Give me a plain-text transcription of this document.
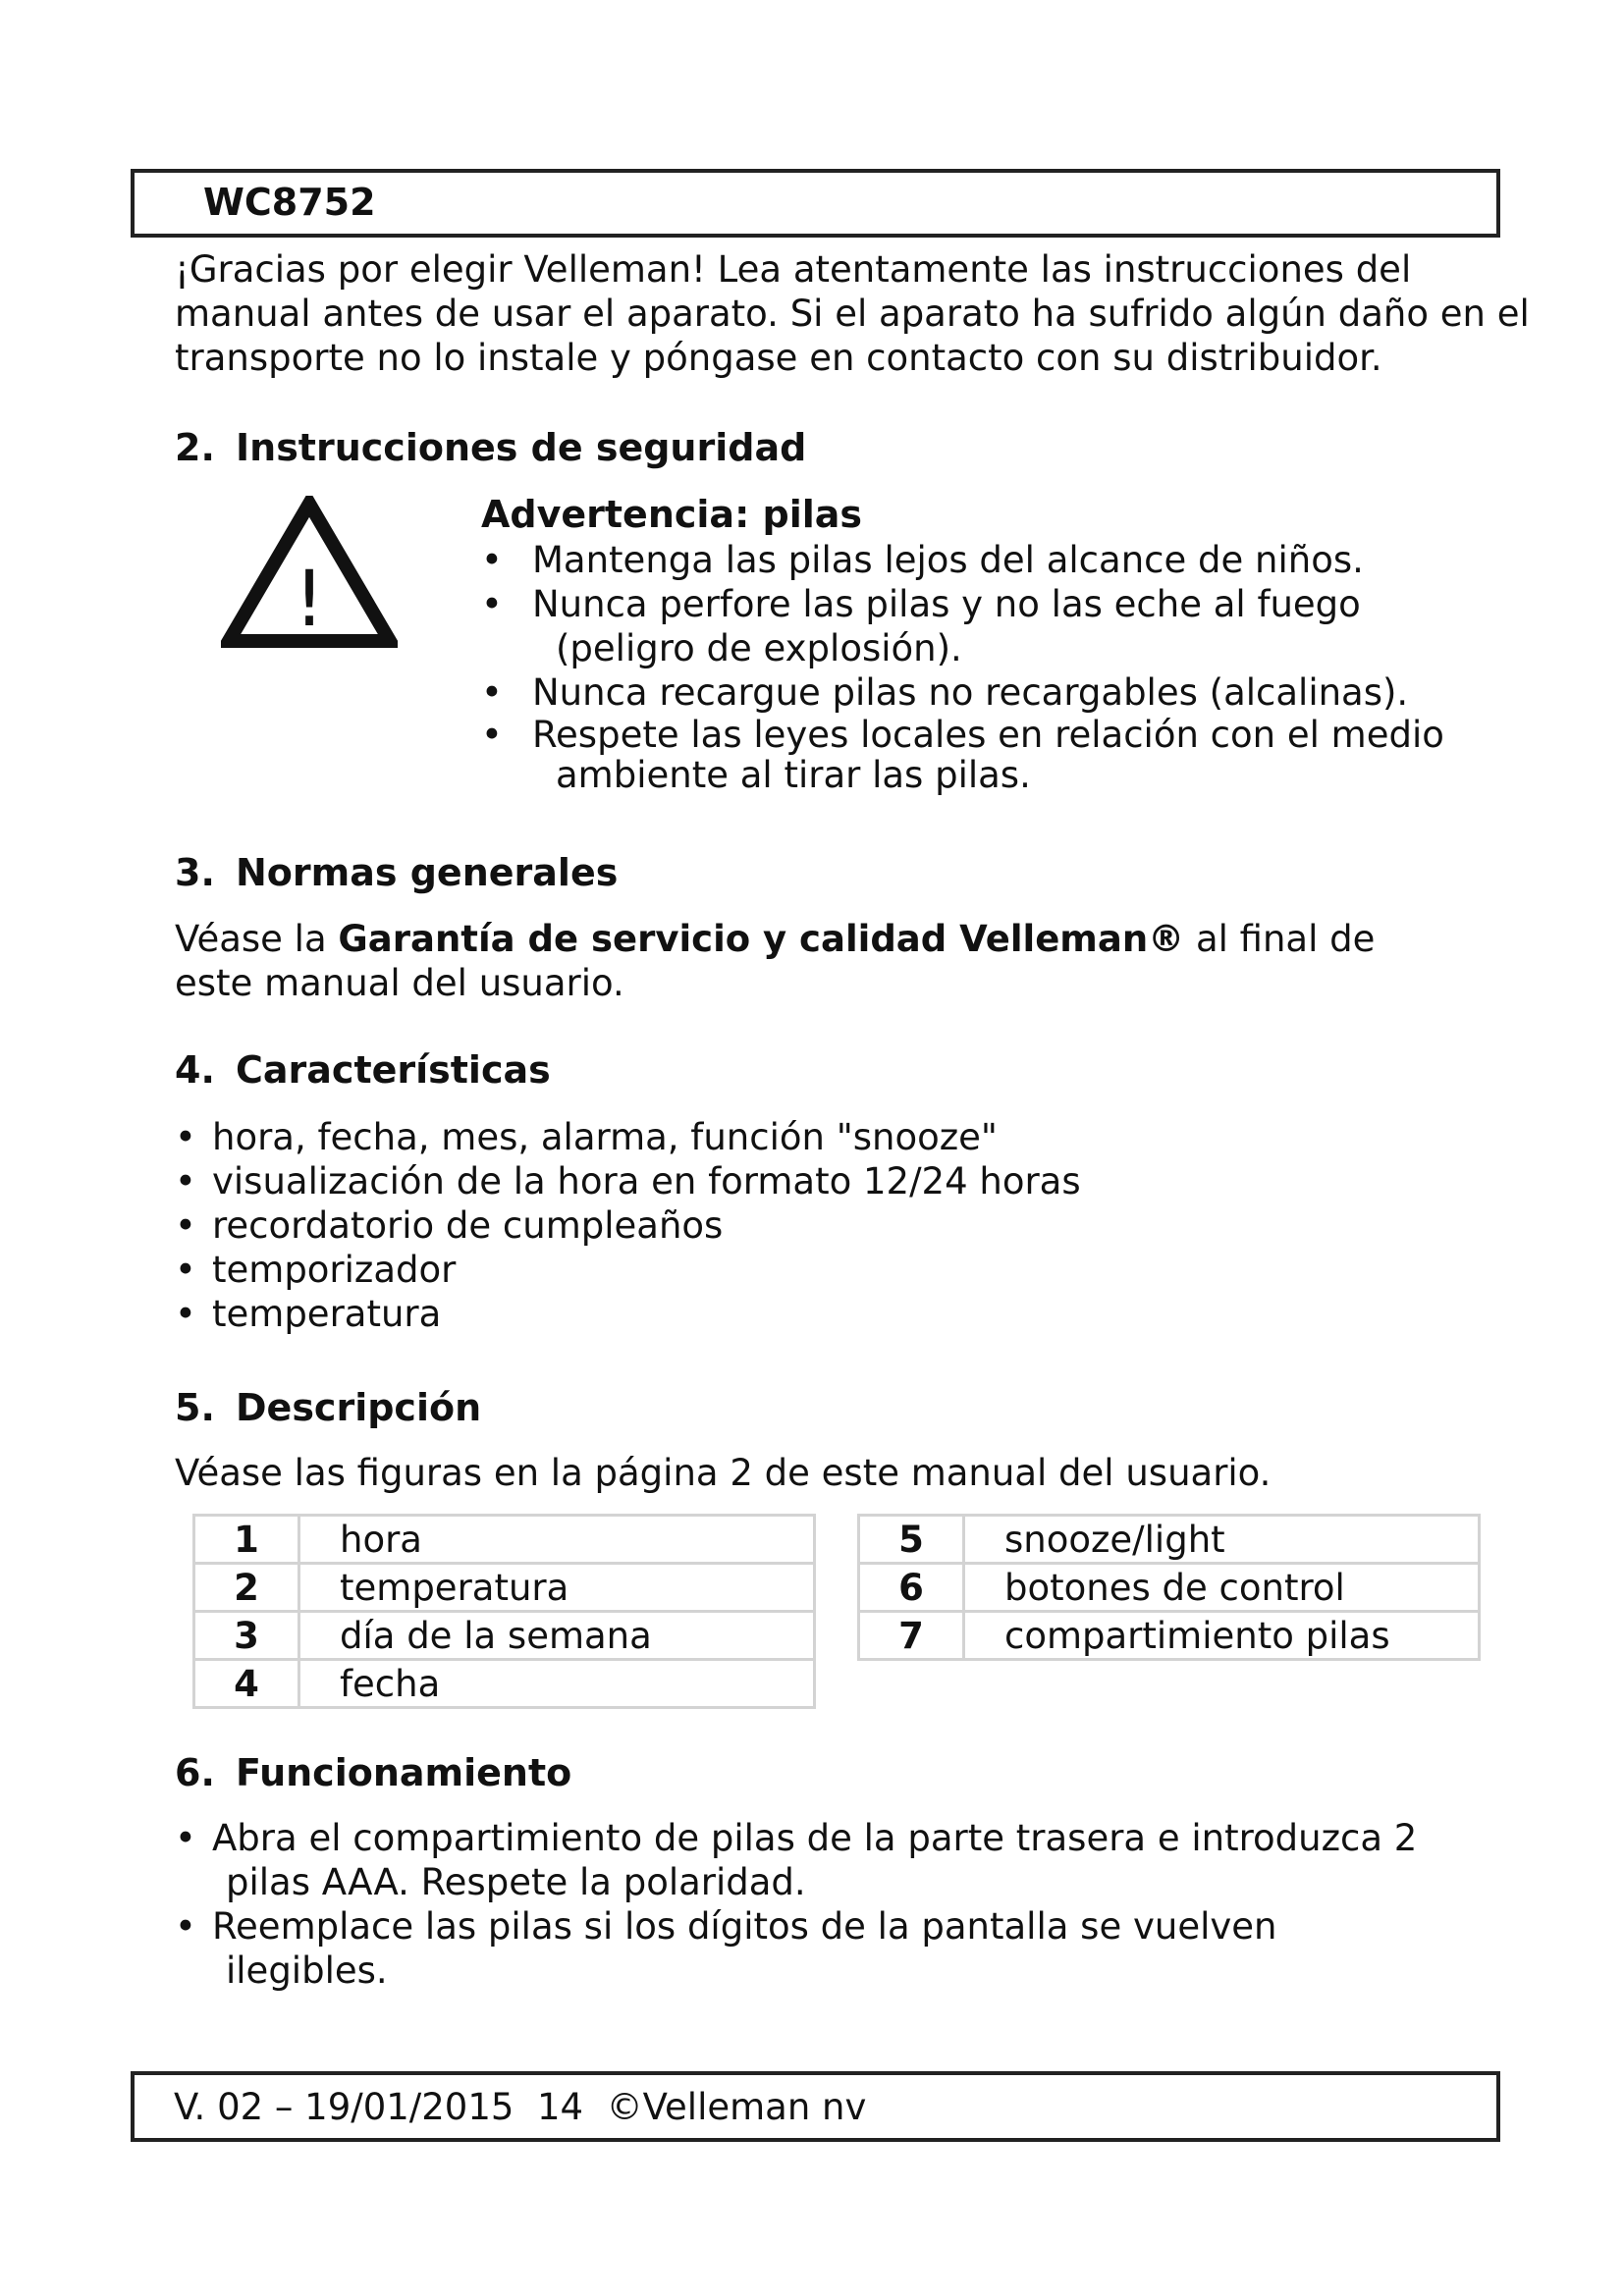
WC8752
¡Gracias por elegir Velleman! Lea atentamente las instrucciones del manual antes de usar el aparato. Si el aparato ha sufrido algún daño en el transporte no lo instale y póngase en contacto con su distribuidor.
2. Instrucciones de seguridad
!
Advertencia: pilas
• Mantenga las pilas lejos del alcance de niños.
• Nunca perfore las pilas y no las eche al fuego
(peligro de explosión).
• Nunca recargue pilas no recargables (alcalinas).
• Respete las leyes locales en relación con el medio
ambiente al tirar las pilas.
3. Normas generales
Véase la Garantía de servicio y calidad Velleman® al final de
este manual del usuario.
4. Características
• hora, fecha, mes, alarma, función "snooze"
• visualización de la hora en formato 12/24 horas
• recordatorio de cumpleaños
• temporizador
• temperatura
5. Descripción
Véase las figuras en la página 2 de este manual del usuario.
1	hora
2	temperatura
3	día de la semana
4	fecha
5	snooze/light
6	botones de control
7	compartimiento pilas
6. Funcionamiento
• Abra el compartimiento de pilas de la parte trasera e introduzca 2
pilas AAA. Respete la polaridad.
• Reemplace las pilas si los dígitos de la pantalla se vuelven
ilegibles.
V. 02 – 19/01/2015 14 ©Velleman nv
